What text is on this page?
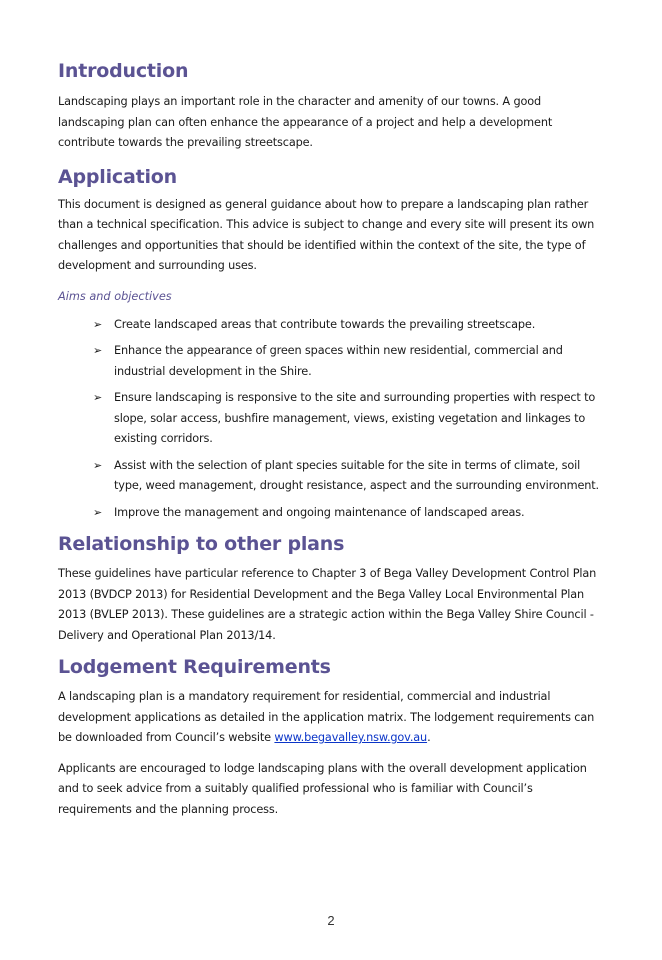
Introduction

Landscaping plays an important role in the character and amenity of our towns. A good landscaping plan can often enhance the appearance of a project and help a development contribute towards the prevailing streetscape.

Application

This document is designed as general guidance about how to prepare a landscaping plan rather than a technical specification. This advice is subject to change and every site will present its own challenges and opportunities that should be identified within the context of the site, the type of development and surrounding uses.

Aims and objectives
➢ Create landscaped areas that contribute towards the prevailing streetscape.
➢ Enhance the appearance of green spaces within new residential, commercial and industrial development in the Shire.
➢ Ensure landscaping is responsive to the site and surrounding properties with respect to slope, solar access, bushfire management, views, existing vegetation and linkages to existing corridors.
➢ Assist with the selection of plant species suitable for the site in terms of climate, soil type, weed management, drought resistance, aspect and the surrounding environment.
➢ Improve the management and ongoing maintenance of landscaped areas.
Relationship to other plans

These guidelines have particular reference to Chapter 3 of Bega Valley Development Control Plan 2013 (BVDCP 2013) for Residential Development and the Bega Valley Local Environmental Plan 2013 (BVLEP 2013). These guidelines are a strategic action within the Bega Valley Shire Council - Delivery and Operational Plan 2013/14.

Lodgement Requirements

A landscaping plan is a mandatory requirement for residential, commercial and industrial development applications as detailed in the application matrix. The lodgement requirements can be downloaded from Council’s website www.begavalley.nsw.gov.au.

Applicants are encouraged to lodge landscaping plans with the overall development application and to seek advice from a suitably qualified professional who is familiar with Council’s requirements and the planning process.

2
